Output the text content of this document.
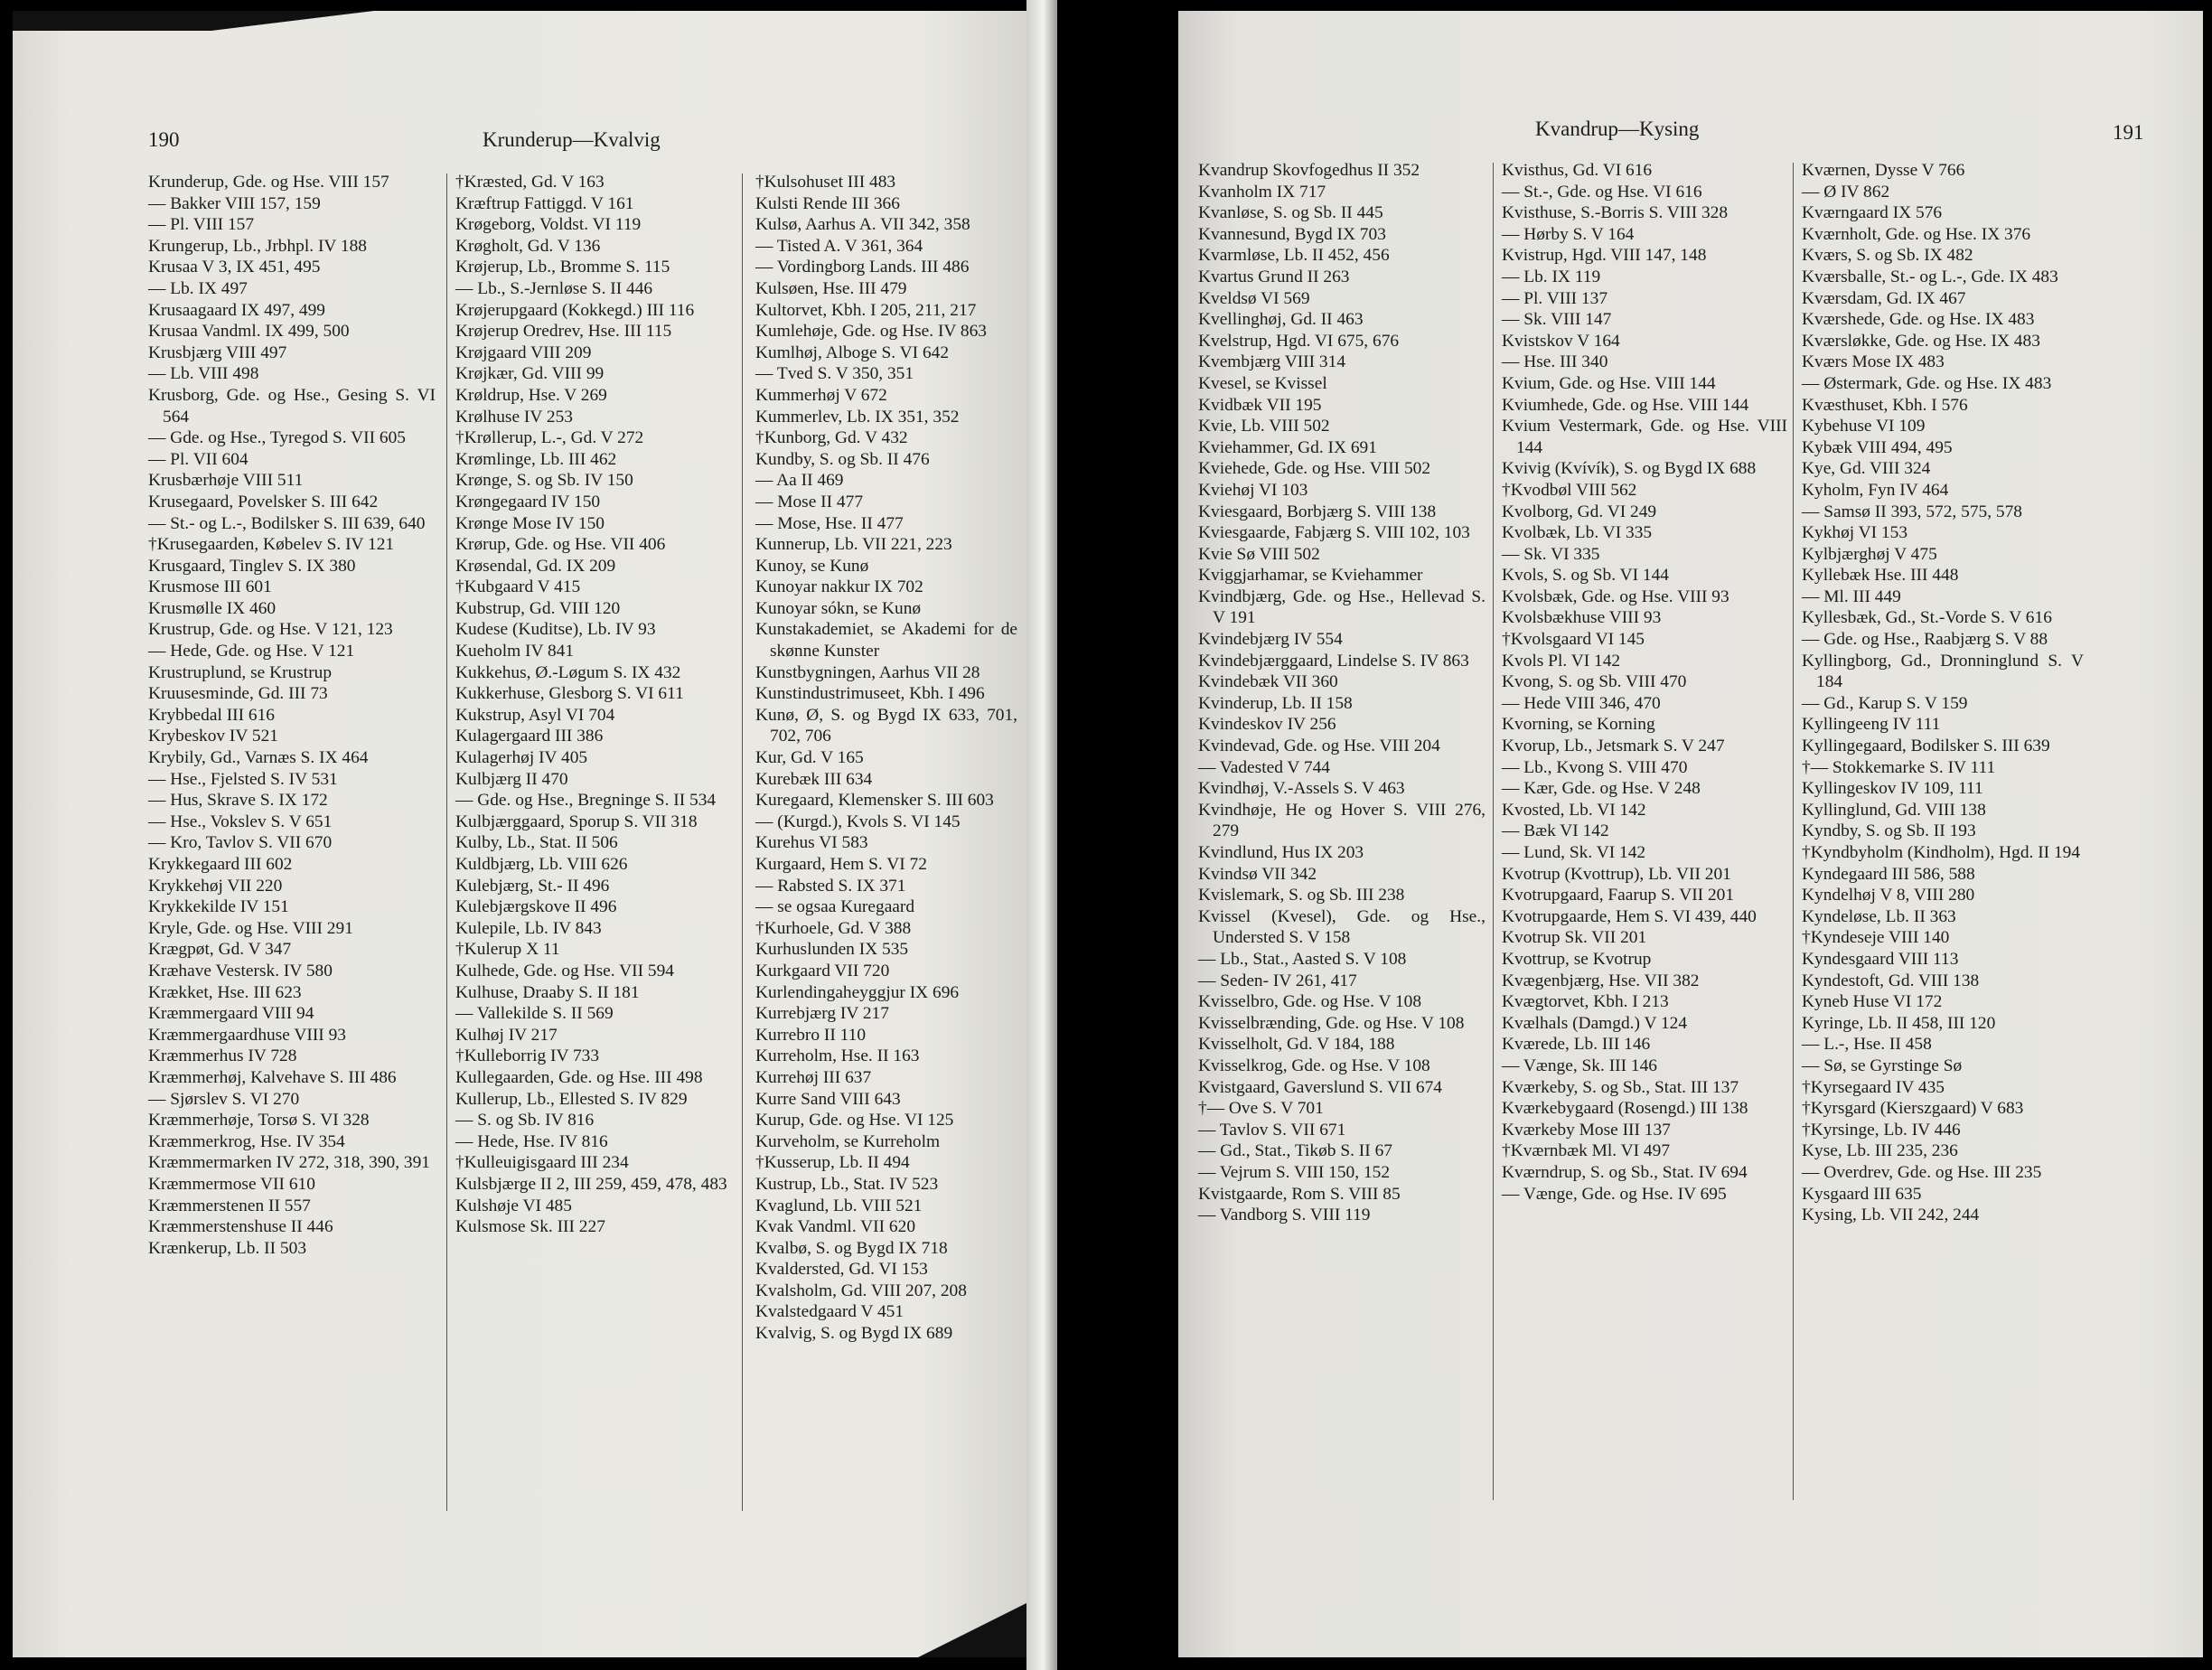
190	Krunderup—Kvalvig
Krunderup, Gde. og Hse. VIII 157
— Bakker VIII 157, 159
— Pl. VIII 157
Krungerup, Lb., Jrbhpl. IV 188
Krusaa V 3, IX 451, 495
— Lb. IX 497
Krusaagaard IX 497, 499
Krusaa Vandml. IX 499, 500
Krusbjærg VIII 497
— Lb. VIII 498
Krusborg, Gde. og Hse., Gesing S. VI 564
— Gde. og Hse., Tyregod S. VII 605
— Pl. VII 604
Krusbærhøje VIII 511
Krusegaard, Povelsker S. III 642
— St.- og L.-, Bodilsker S. III 639, 640
†Krusegaarden, Købelev S. IV 121
Krusgaard, Tinglev S. IX 380
Krusmose III 601
Krusmølle IX 460
Krustrup, Gde. og Hse. V 121, 123
— Hede, Gde. og Hse. V 121
Krustruplund, se Krustrup
Kruusesminde, Gd. III 73
Krybbedal III 616
Krybeskov IV 521
Krybily, Gd., Varnæs S. IX 464
— Hse., Fjelsted S. IV 531
— Hus, Skrave S. IX 172
— Hse., Vokslev S. V 651
— Kro, Tavlov S. VII 670
Krykkegaard III 602
Krykkehøj VII 220
Krykkekilde IV 151
Kryle, Gde. og Hse. VIII 291
Krægpøt, Gd. V 347
Kræhave Vestersk. IV 580
Krækket, Hse. III 623
Kræmmergaard VIII 94
Kræmmergaardhuse VIII 93
Kræmmerhus IV 728
Kræmmerhøj, Kalvehave S. III 486
— Sjørslev S. VI 270
Kræmmerhøje, Torsø S. VI 328
Kræmmerkrog, Hse. IV 354
Kræmmermarken IV 272, 318, 390, 391
Kræmmermose VII 610
Kræmmerstenen II 557
Kræmmerstenshuse II 446
Krænkerup, Lb. II 503
†Kræsted, Gd. V 163
Kræftrup Fattiggd. V 161
Krøgeborg, Voldst. VI 119
Krøgholt, Gd. V 136
Krøjerup, Lb., Bromme S. 115
— Lb., S.-Jernløse S. II 446
Krøjerupgaard (Kokkegd.) III 116
Krøjerup Oredrev, Hse. III 115
Krøjgaard VIII 209
Krøjkær, Gd. VIII 99
Krøldrup, Hse. V 269
Krølhuse IV 253
†Krøllerup, L.-, Gd. V 272
Krømlinge, Lb. III 462
Krønge, S. og Sb. IV 150
Krøngegaard IV 150
Krønge Mose IV 150
Krørup, Gde. og Hse. VII 406
Krøsendal, Gd. IX 209
†Kubgaard V 415
Kubstrup, Gd. VIII 120
Kudese (Kuditse), Lb. IV 93
Kueholm IV 841
Kukkehus, Ø.-Løgum S. IX 432
Kukkerhuse, Glesborg S. VI 611
Kukstrup, Asyl VI 704
Kulagergaard III 386
Kulagerhøj IV 405
Kulbjærg II 470
— Gde. og Hse., Bregninge S. II 534
Kulbjærggaard, Sporup S. VII 318
Kulby, Lb., Stat. II 506
Kuldbjærg, Lb. VIII 626
Kulebjærg, St.- II 496
Kulebjærgskove II 496
Kulepile, Lb. IV 843
†Kulerup X 11
Kulhede, Gde. og Hse. VII 594
Kulhuse, Draaby S. II 181
— Vallekilde S. II 569
Kulhøj IV 217
†Kulleborrig IV 733
Kullegaarden, Gde. og Hse. III 498
Kullerup, Lb., Ellested S. IV 829
— S. og Sb. IV 816
— Hede, Hse. IV 816
†Kulleuigisgaard III 234
Kulsbjærge II 2, III 259, 459, 478, 483
Kulshøje VI 485
Kulsmose Sk. III 227
†Kulsohuset III 483
Kulsti Rende III 366
Kulsø, Aarhus A. VII 342, 358
— Tisted A. V 361, 364
— Vordingborg Lands. III 486
Kulsøen, Hse. III 479
Kultorvet, Kbh. I 205, 211, 217
Kumlehøje, Gde. og Hse. IV 863
Kumlhøj, Alboge S. VI 642
— Tved S. V 350, 351
Kummerhøj V 672
Kummerlev, Lb. IX 351, 352
†Kunborg, Gd. V 432
Kundby, S. og Sb. II 476
— Aa II 469
— Mose II 477
— Mose, Hse. II 477
Kunnerup, Lb. VII 221, 223
Kunoy, se Kunø
Kunoyar nakkur IX 702
Kunoyar sókn, se Kunø
Kunstakademiet, se Akademi for de skønne Kunster
Kunstbygningen, Aarhus VII 28
Kunstindustrimuseet, Kbh. I 496
Kunø, Ø, S. og Bygd IX 633, 701, 702, 706
Kur, Gd. V 165
Kurebæk III 634
Kuregaard, Klemensker S. III 603
— (Kurgd.), Kvols S. VI 145
Kurehus VI 583
Kurgaard, Hem S. VI 72
— Rabsted S. IX 371
— se ogsaa Kuregaard
†Kurhoele, Gd. V 388
Kurhuslunden IX 535
Kurkgaard VII 720
Kurlendingaheyggjur IX 696
Kurrebjærg IV 217
Kurrebro II 110
Kurreholm, Hse. II 163
Kurrehøj III 637
Kurre Sand VIII 643
Kurup, Gde. og Hse. VI 125
Kurveholm, se Kurreholm
†Kusserup, Lb. II 494
Kustrup, Lb., Stat. IV 523
Kvaglund, Lb. VIII 521
Kvak Vandml. VII 620
Kvalbø, S. og Bygd IX 718
Kvaldersted, Gd. VI 153
Kvalsholm, Gd. VIII 207, 208
Kvalstedgaard V 451
Kvalvig, S. og Bygd IX 689
Kvandrup—Kysing	191
Kvandrup Skovfogedhus II 352
Kvanholm IX 717
Kvanløse, S. og Sb. II 445
Kvannesund, Bygd IX 703
Kvarmløse, Lb. II 452, 456
Kvartus Grund II 263
Kveldsø VI 569
Kvellinghøj, Gd. II 463
Kvelstrup, Hgd. VI 675, 676
Kvembjærg VIII 314
Kvesel, se Kvissel
Kvidbæk VII 195
Kvie, Lb. VIII 502
Kviehammer, Gd. IX 691
Kviehede, Gde. og Hse. VIII 502
Kviehøj VI 103
Kviesgaard, Borbjærg S. VIII 138
Kviesgaarde, Fabjærg S. VIII 102, 103
Kvie Sø VIII 502
Kviggjarhamar, se Kviehammer
Kvindbjærg, Gde. og Hse., Hellevad S. V 191
Kvindebjærg IV 554
Kvindebjærggaard, Lindelse S. IV 863
Kvindebæk VII 360
Kvinderup, Lb. II 158
Kvindeskov IV 256
Kvindevad, Gde. og Hse. VIII 204
— Vadested V 744
Kvindhøj, V.-Assels S. V 463
Kvindhøje, He og Hover S. VIII 276, 279
Kvindlund, Hus IX 203
Kvindsø VII 342
Kvislemark, S. og Sb. III 238
Kvissel (Kvesel), Gde. og Hse., Understed S. V 158
— Lb., Stat., Aasted S. V 108
— Seden- IV 261, 417
Kvisselbro, Gde. og Hse. V 108
Kvisselbrænding, Gde. og Hse. V 108
Kvisselholt, Gd. V 184, 188
Kvisselkrog, Gde. og Hse. V 108
Kvistgaard, Gaverslund S. VII 674
†— Ove S. V 701
— Tavlov S. VII 671
— Gd., Stat., Tikøb S. II 67
— Vejrum S. VIII 150, 152
Kvistgaarde, Rom S. VIII 85
— Vandborg S. VIII 119
Kvisthus, Gd. VI 616
— St.-, Gde. og Hse. VI 616
Kvisthuse, S.-Borris S. VIII 328
— Hørby S. V 164
Kvistrup, Hgd. VIII 147, 148
— Lb. IX 119
— Pl. VIII 137
— Sk. VIII 147
Kvistskov V 164
— Hse. III 340
Kvium, Gde. og Hse. VIII 144
Kviumhede, Gde. og Hse. VIII 144
Kvium Vestermark, Gde. og Hse. VIII 144
Kvivig (Kvívík), S. og Bygd IX 688
†Kvodbøl VIII 562
Kvolborg, Gd. VI 249
Kvolbæk, Lb. VI 335
— Sk. VI 335
Kvols, S. og Sb. VI 144
Kvolsbæk, Gde. og Hse. VIII 93
Kvolsbækhuse VIII 93
†Kvolsgaard VI 145
Kvols Pl. VI 142
Kvong, S. og Sb. VIII 470
— Hede VIII 346, 470
Kvorning, se Korning
Kvorup, Lb., Jetsmark S. V 247
— Lb., Kvong S. VIII 470
— Kær, Gde. og Hse. V 248
Kvosted, Lb. VI 142
— Bæk VI 142
— Lund, Sk. VI 142
Kvotrup (Kvottrup), Lb. VII 201
Kvotrupgaard, Faarup S. VII 201
Kvotrupgaarde, Hem S. VI 439, 440
Kvotrup Sk. VII 201
Kvottrup, se Kvotrup
Kvægenbjærg, Hse. VII 382
Kvægtorvet, Kbh. I 213
Kvælhals (Damgd.) V 124
Kværede, Lb. III 146
— Vænge, Sk. III 146
Kværkeby, S. og Sb., Stat. III 137
Kværkebygaard (Rosengd.) III 138
Kværkeby Mose III 137
†Kværnbæk Ml. VI 497
Kværndrup, S. og Sb., Stat. IV 694
— Vænge, Gde. og Hse. IV 695
Kværnen, Dysse V 766
— Ø IV 862
Kværngaard IX 576
Kværnholt, Gde. og Hse. IX 376
Kværs, S. og Sb. IX 482
Kværsballe, St.- og L.-, Gde. IX 483
Kværsdam, Gd. IX 467
Kværshede, Gde. og Hse. IX 483
Kværsløkke, Gde. og Hse. IX 483
Kværs Mose IX 483
— Østermark, Gde. og Hse. IX 483
Kvæsthuset, Kbh. I 576
Kybehuse VI 109
Kybæk VIII 494, 495
Kye, Gd. VIII 324
Kyholm, Fyn IV 464
— Samsø II 393, 572, 575, 578
Kykhøj VI 153
Kylbjærghøj V 475
Kyllebæk Hse. III 448
— Ml. III 449
Kyllesbæk, Gd., St.-Vorde S. V 616
— Gde. og Hse., Raabjærg S. V 88
Kyllingborg, Gd., Dronninglund S. V 184
— Gd., Karup S. V 159
Kyllingeeng IV 111
Kyllingegaard, Bodilsker S. III 639
†— Stokkemarke S. IV 111
Kyllingeskov IV 109, 111
Kyllinglund, Gd. VIII 138
Kyndby, S. og Sb. II 193
†Kyndbyholm (Kindholm), Hgd. II 194
Kyndegaard III 586, 588
Kyndelhøj V 8, VIII 280
Kyndeløse, Lb. II 363
†Kyndeseje VIII 140
Kyndesgaard VIII 113
Kyndestoft, Gd. VIII 138
Kyneb Huse VI 172
Kyringe, Lb. II 458, III 120
— L.-, Hse. II 458
— Sø, se Gyrstinge Sø
†Kyrsegaard IV 435
†Kyrsgard (Kierszgaard) V 683
†Kyrsinge, Lb. IV 446
Kyse, Lb. III 235, 236
— Overdrev, Gde. og Hse. III 235
Kysgaard III 635
Kysing, Lb. VII 242, 244
